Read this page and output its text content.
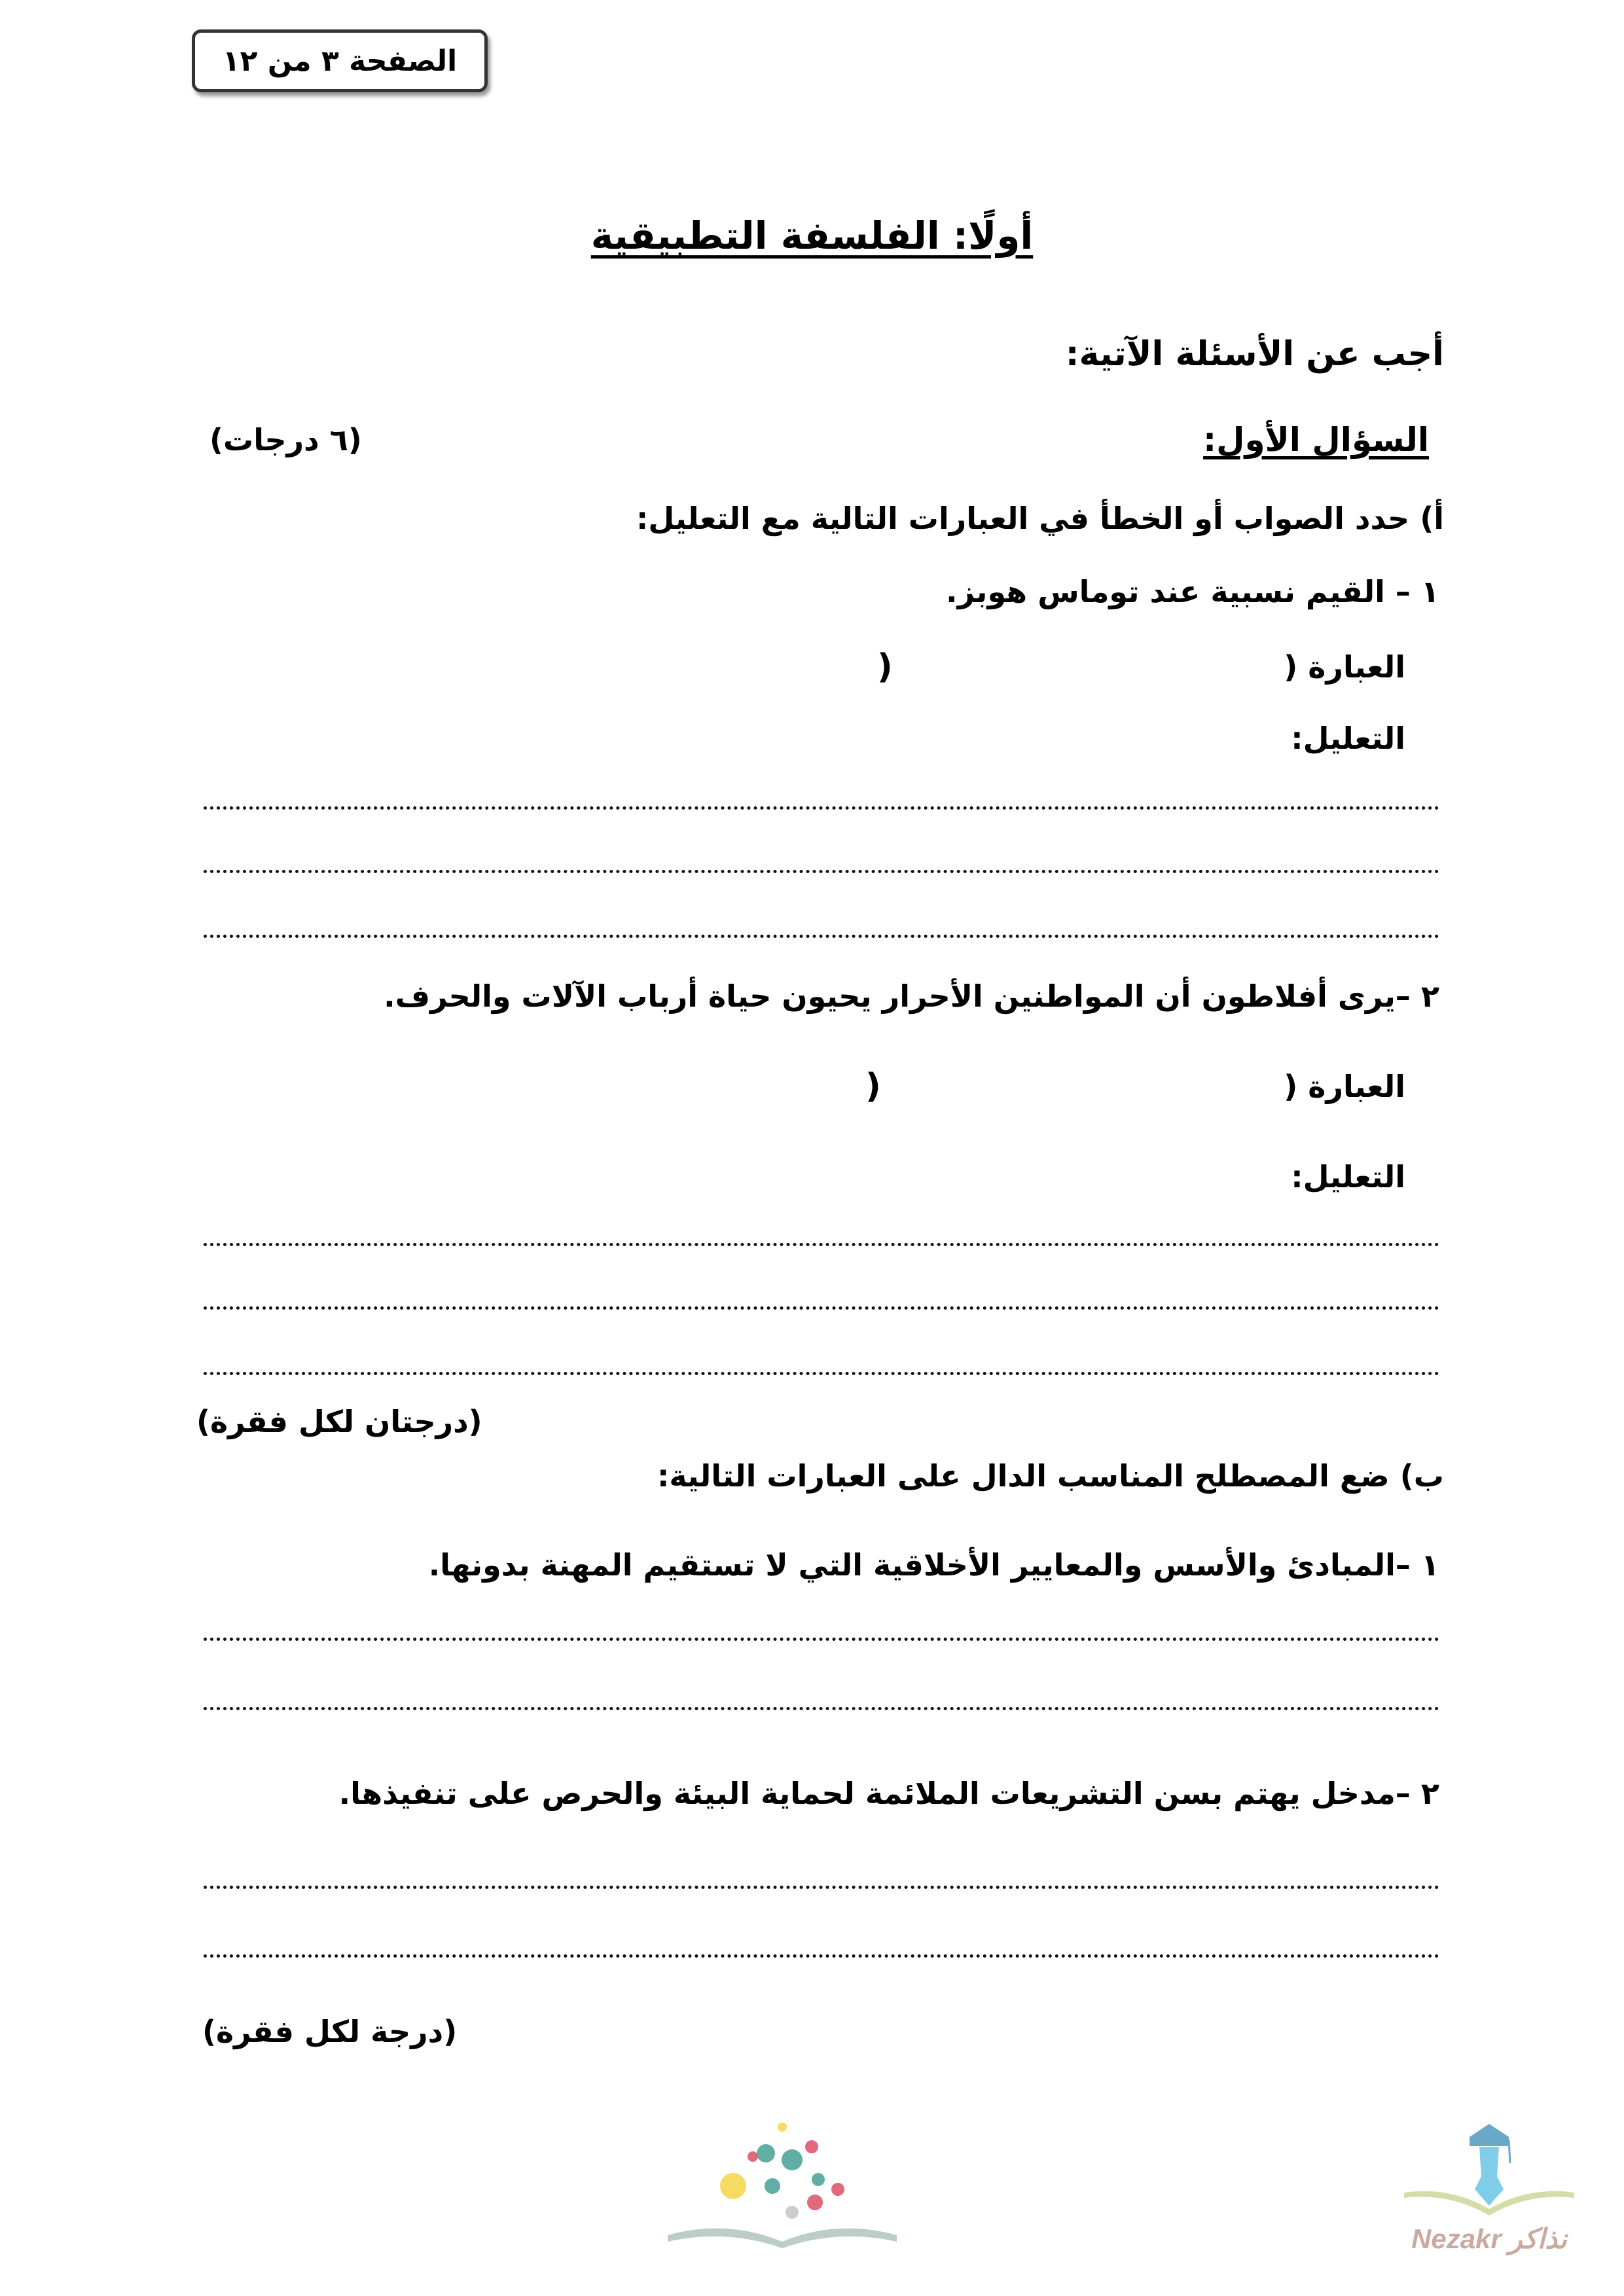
الصفحة ٣ من ١٢
أولًا: الفلسفة التطبيقية
أجب عن الأسئلة الآتية:
السؤال الأول:
(٦ درجات)
أ) حدد الصواب أو الخطأ في العبارات التالية مع التعليل:
١ – القيم نسبية عند توماس هوبز.
العبارة (
)
التعليل:
٢ –يرى أفلاطون أن المواطنين الأحرار يحيون حياة أرباب الآلات والحرف.
العبارة (
)
التعليل:
(درجتان لكل فقرة)
ب) ضع المصطلح المناسب الدال على العبارات التالية:
١ –المبادئ والأسس والمعايير الأخلاقية التي لا تستقيم المهنة بدونها.
٢ –مدخل يهتم بسن التشريعات الملائمة لحماية البيئة والحرص على تنفيذها.
(درجة لكل فقرة)
Nezakr نذاكر
